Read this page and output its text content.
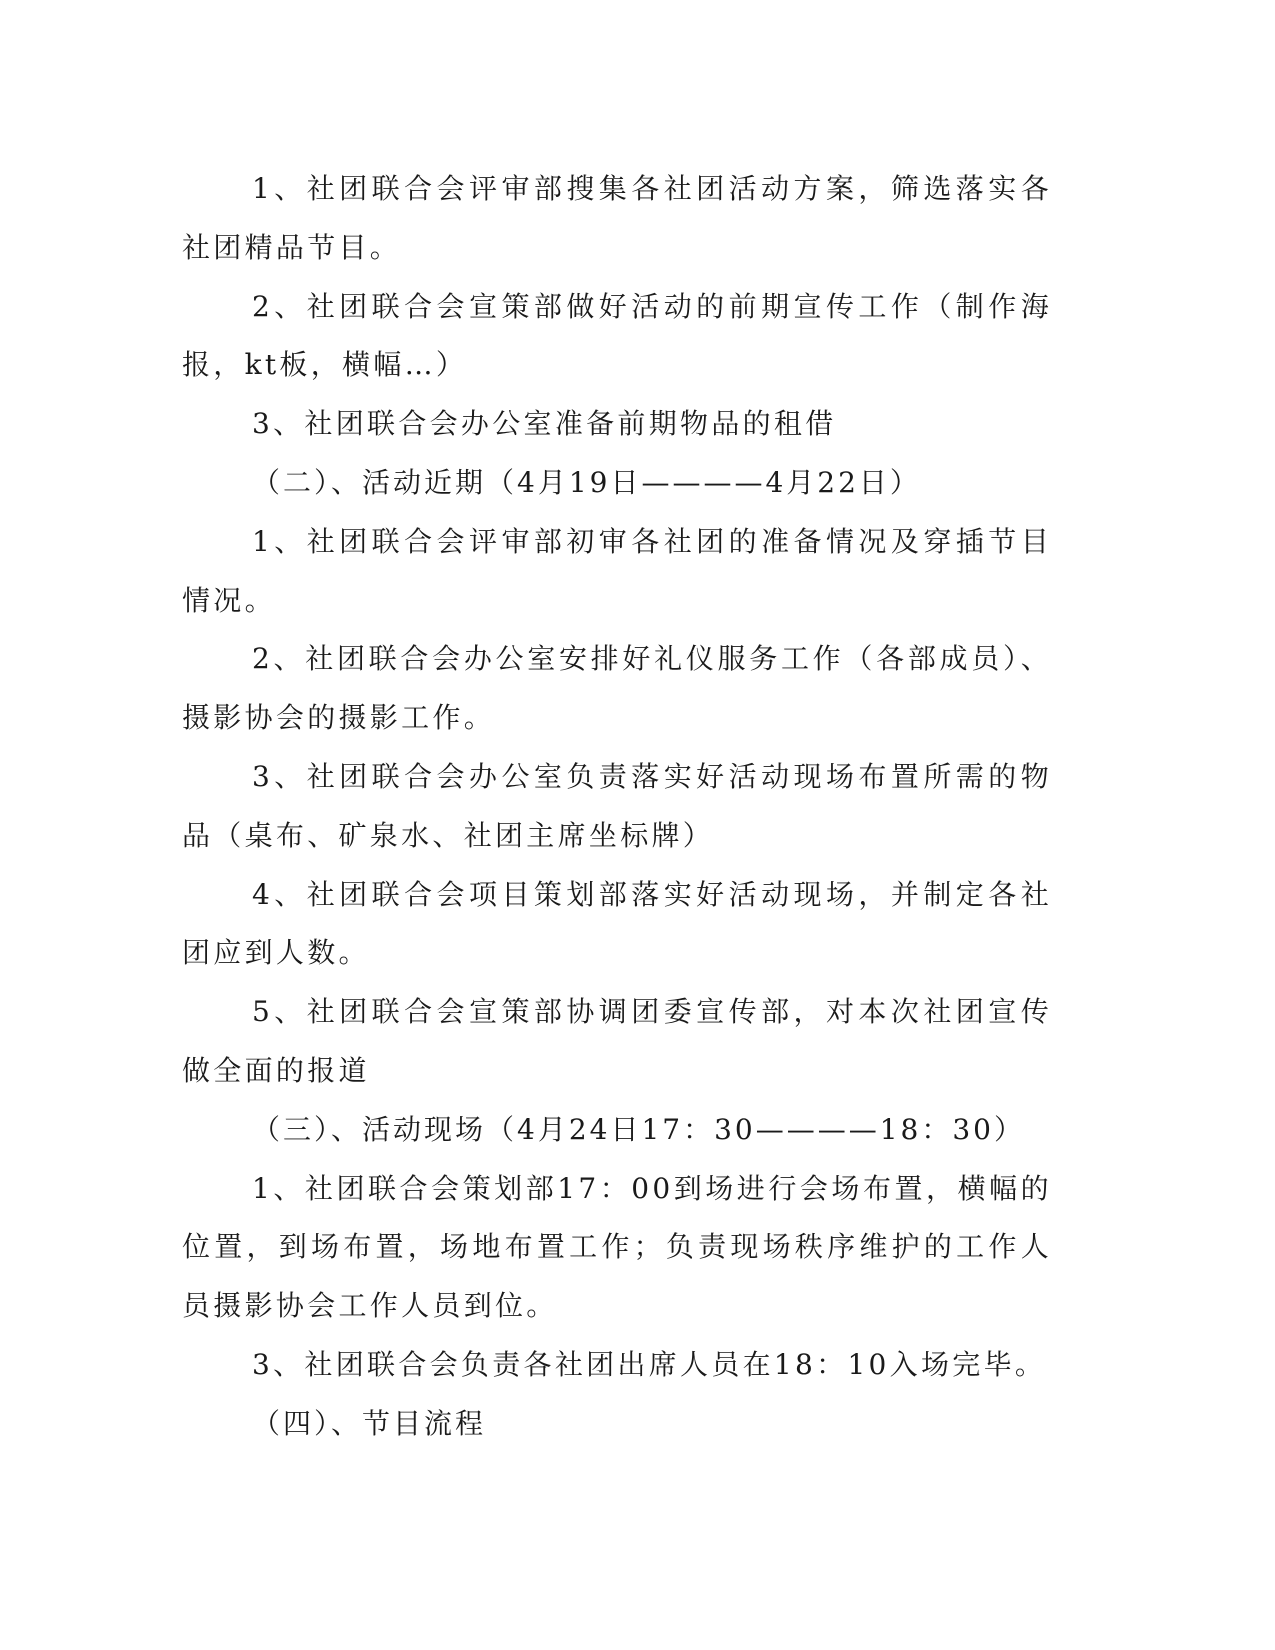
1、社团联合会评审部搜集各社团活动方案，筛选落实各社团精品节目。

2、社团联合会宣策部做好活动的前期宣传工作（制作海报，kt板，横幅…）

3、社团联合会办公室准备前期物品的租借

（二）、活动近期（4月19日————4月22日）

1、社团联合会评审部初审各社团的准备情况及穿插节目情况。

2、社团联合会办公室安排好礼仪服务工作（各部成员）、摄影协会的摄影工作。

3、社团联合会办公室负责落实好活动现场布置所需的物品（桌布、矿泉水、社团主席坐标牌）

4、社团联合会项目策划部落实好活动现场，并制定各社团应到人数。

5、社团联合会宣策部协调团委宣传部，对本次社团宣传做全面的报道

（三）、活动现场（4月24日17：30————18：30）

1、社团联合会策划部17：00到场进行会场布置，横幅的位置，到场布置，场地布置工作；负责现场秩序维护的工作人员摄影协会工作人员到位。

3、社团联合会负责各社团出席人员在18：10入场完毕。

（四）、节目流程
